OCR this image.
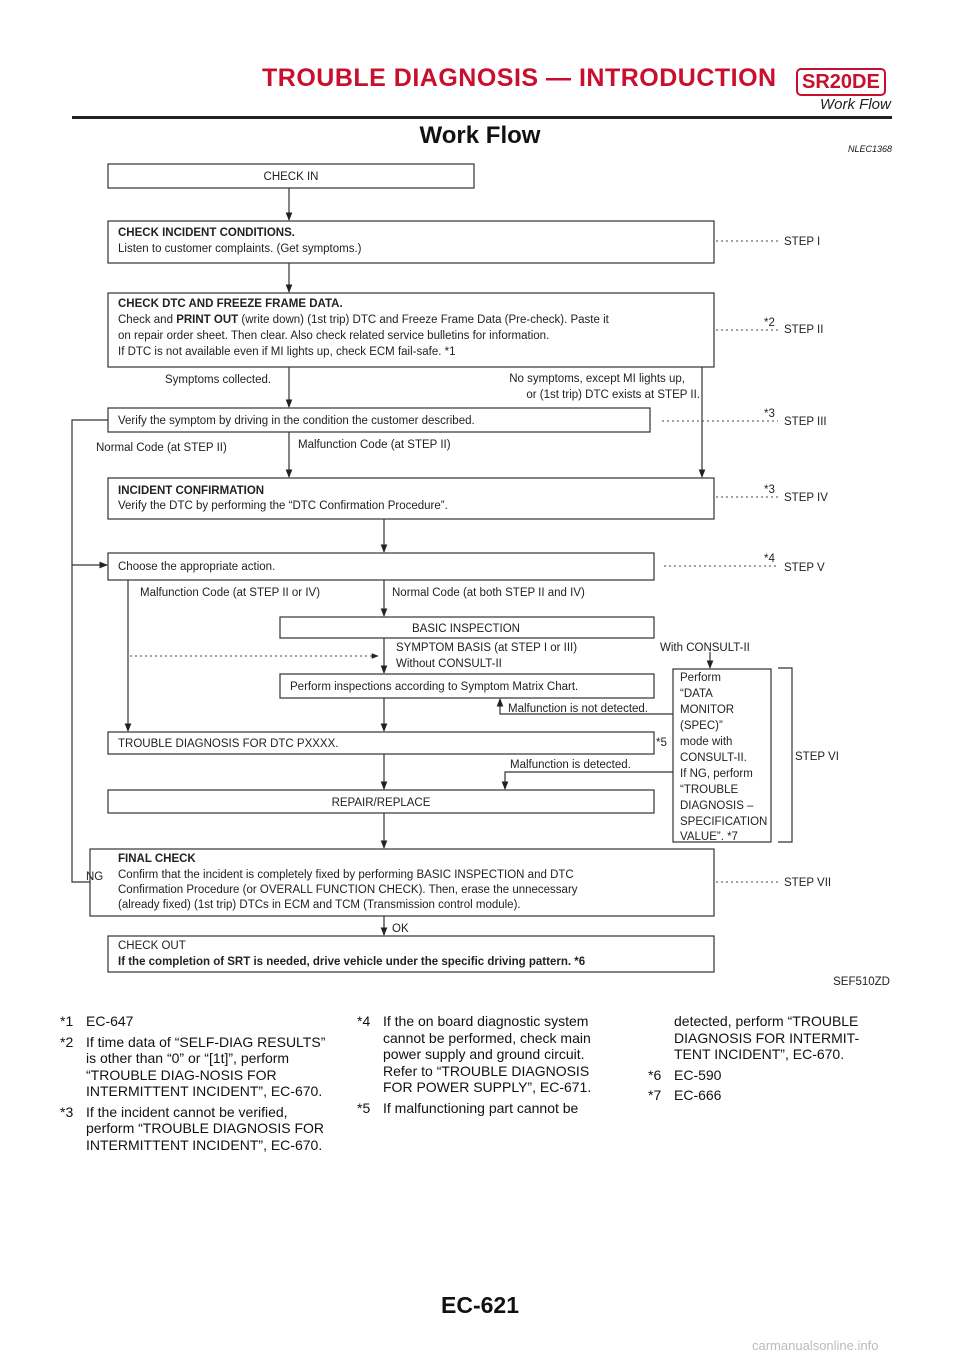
TROUBLE DIAGNOSIS — INTRODUCTION	SR20DE
Work Flow
Work Flow	NLEC1368
CHECK IN
CHECK INCIDENT CONDITIONS.
Listen to customer complaints. (Get symptoms.)
CHECK DTC AND FREEZE FRAME DATA.
Check and PRINT OUT (write down) (1st trip) DTC and Freeze Frame Data (Pre-check). Paste it
on repair order sheet. Then clear. Also check related service bulletins for information.
If DTC is not available even if MI lights up, check ECM fail-safe. *1
Symptoms collected.	No symptoms, except MI lights up,
or (1st trip) DTC exists at STEP II.
Verify the symptom by driving in the condition the customer described.
Normal Code (at STEP II)	Malfunction Code (at STEP II)
INCIDENT CONFIRMATION
Verify the DTC by performing the “DTC Confirmation Procedure”.
Choose the appropriate action.
Malfunction Code (at STEP II or IV)	Normal Code (at both STEP II and IV)
BASIC INSPECTION
SYMPTOM BASIS (at STEP I or III)	With CONSULT-II
Without CONSULT-II
Perform inspections according to Symptom Matrix Chart.
Malfunction is not detected.
TROUBLE DIAGNOSIS FOR DTC PXXXX.	*5
Malfunction is detected.
REPAIR/REPLACE
FINAL CHECK
Confirm that the incident is completely fixed by performing BASIC INSPECTION and DTC
Confirmation Procedure (or OVERALL FUNCTION CHECK). Then, erase the unnecessary
(already fixed) (1st trip) DTCs in ECM and TCM (Transmission control module).
NG
OK
CHECK OUT
If the completion of SRT is needed, drive vehicle under the specific driving pattern. *6
Perform
“DATA
MONITOR
(SPEC)”
mode with
CONSULT-II.
If NG, perform
“TROUBLE
DIAGNOSIS –
SPECIFICATION
VALUE”. *7
STEP I
*2
STEP II
*3
STEP III
*3
STEP IV
*4
STEP V
STEP VI
STEP VII
SEF510ZD
*1 EC-647
*2 If time data of “SELF-DIAG RESULTS” is other than “0” or “[1t]”, perform “TROUBLE DIAG-NOSIS FOR INTERMITTENT INCIDENT”, EC-670.
*3 If the incident cannot be verified, perform “TROUBLE DIAGNOSIS FOR INTERMITTENT INCIDENT”, EC-670.
*4 If the on board diagnostic system cannot be performed, check main power supply and ground circuit. Refer to “TROUBLE DIAGNOSIS FOR POWER SUPPLY”, EC-671.
*5 If malfunctioning part cannot be
detected, perform “TROUBLE DIAGNOSIS FOR INTERMIT-TENT INCIDENT”, EC-670.
*6 EC-590
*7 EC-666
EC-621
carmanualsonline.info
